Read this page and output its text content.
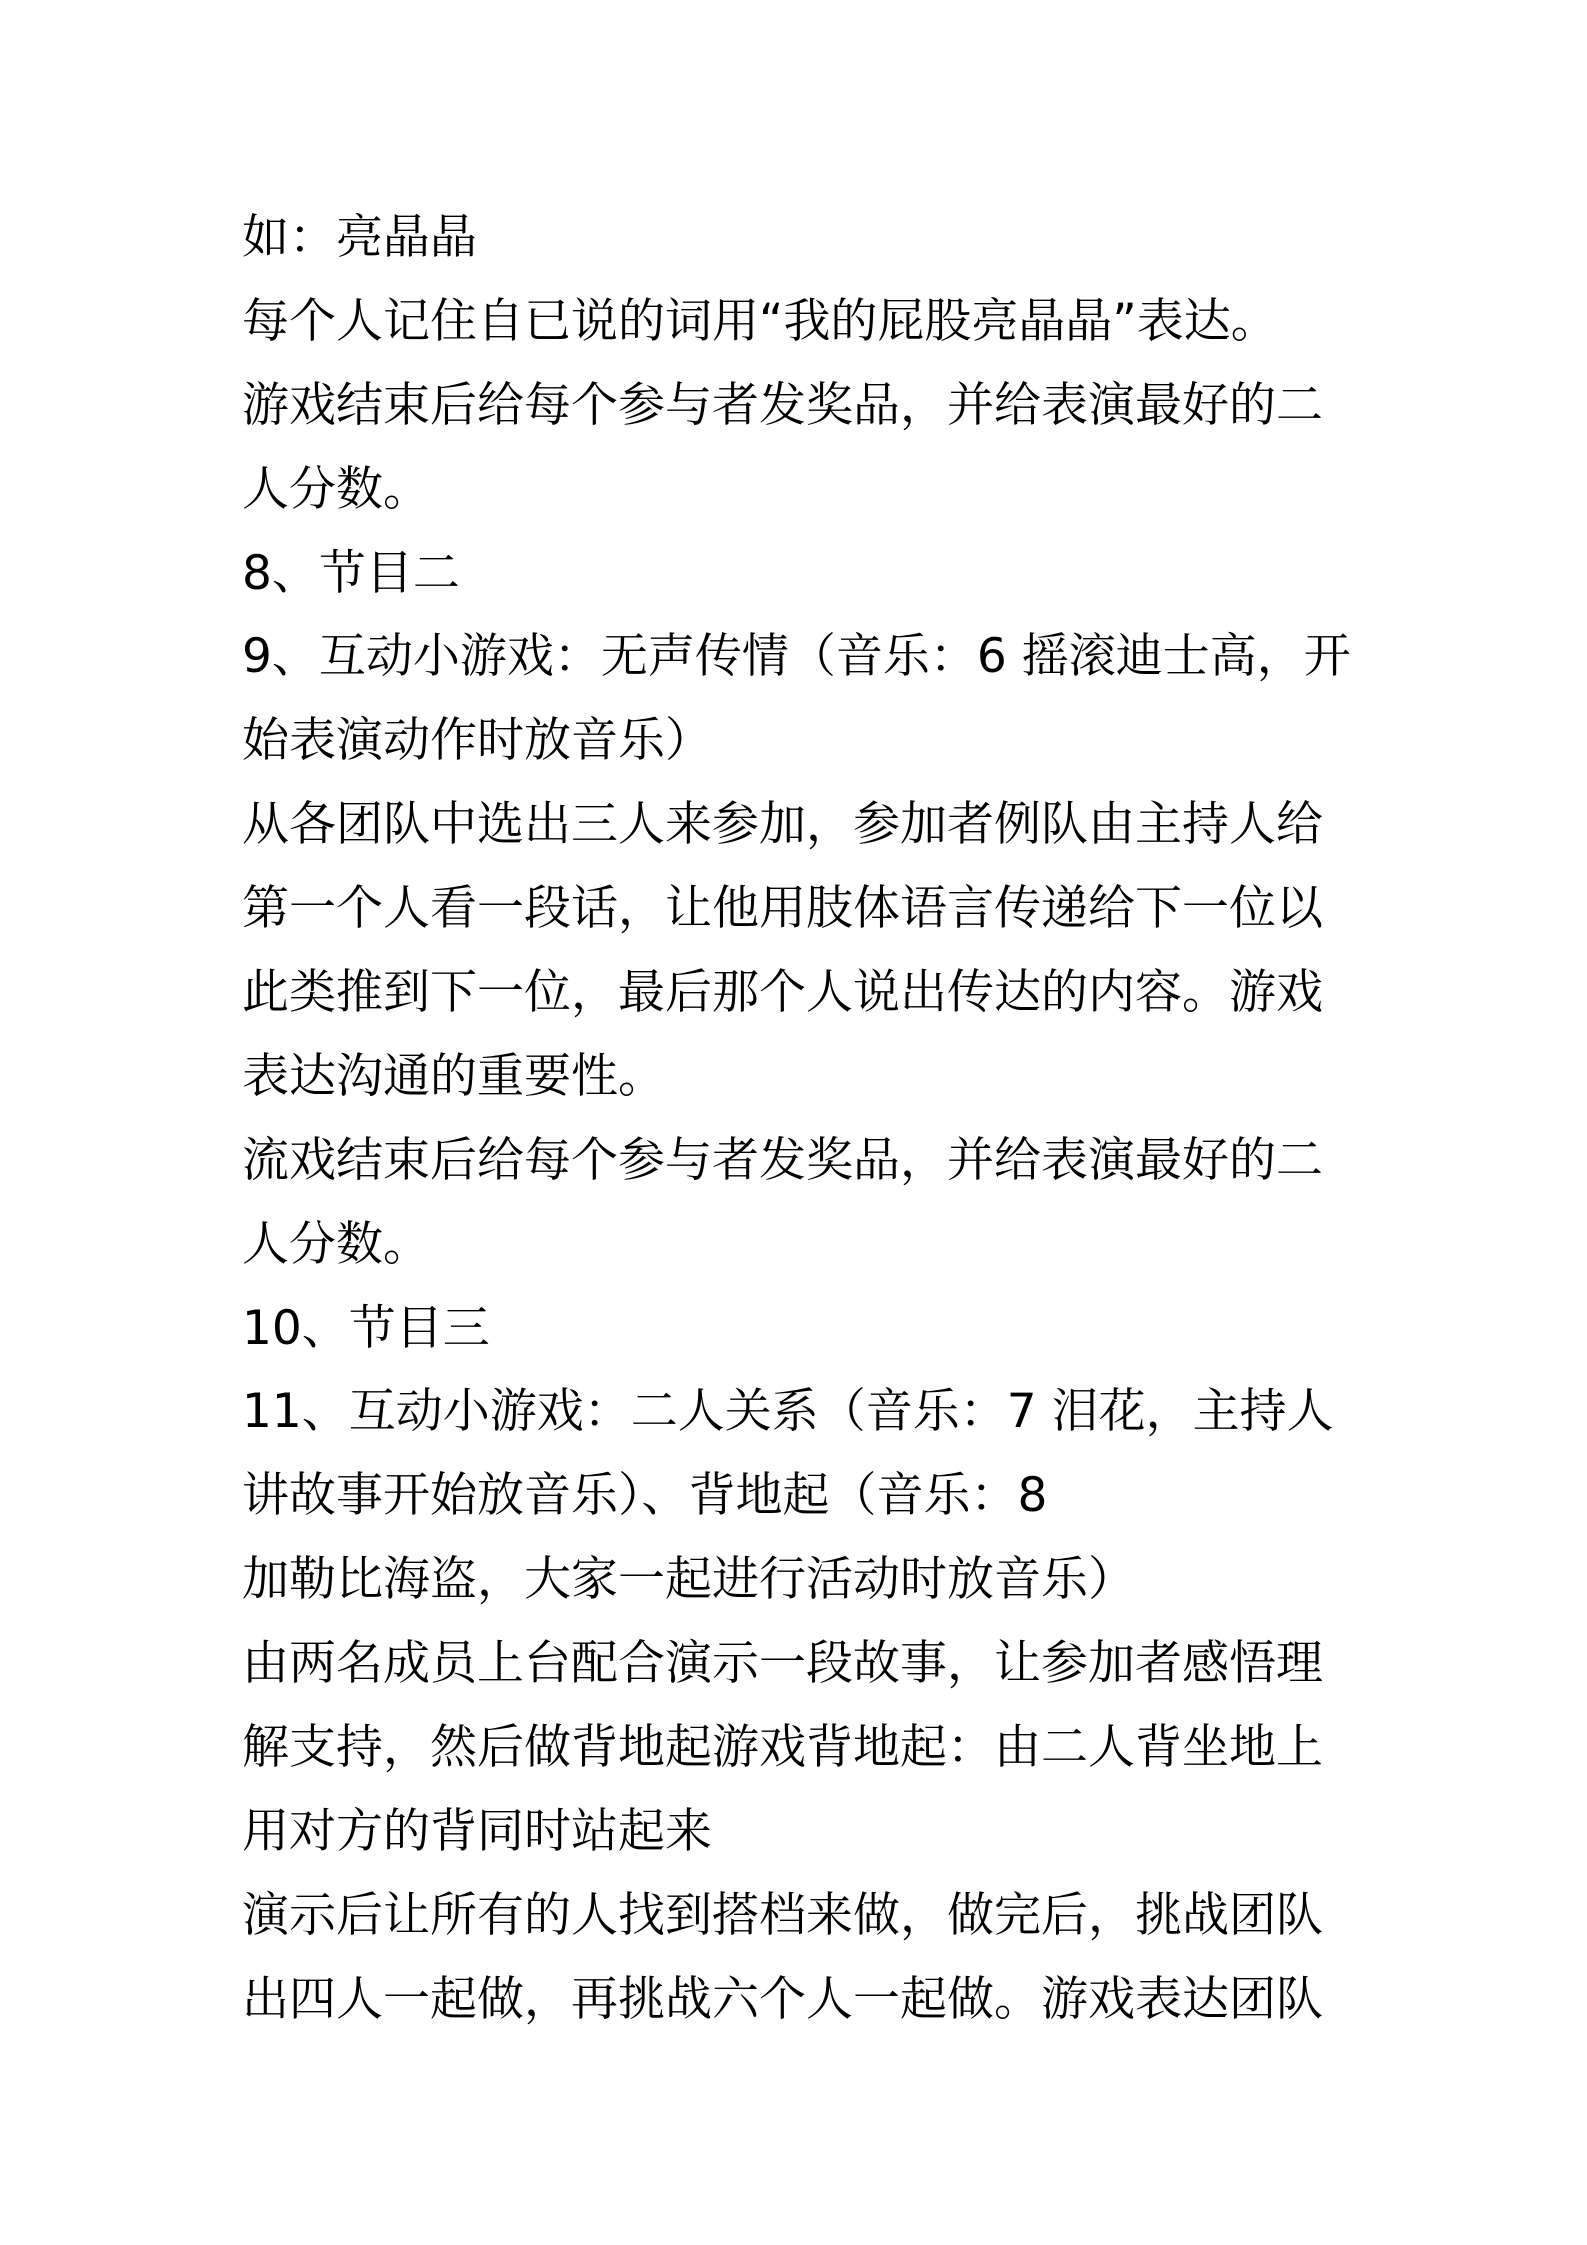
如：亮晶晶
每个人记住自已说的词用“我的屁股亮晶晶”表达。
游戏结束后给每个参与者发奖品，并给表演最好的二
人分数。
8、节目二
9、互动小游戏：无声传情（音乐：6 摇滚迪士高，开
始表演动作时放音乐）
从各团队中选出三人来参加，参加者例队由主持人给
第一个人看一段话，让他用肢体语言传递给下一位以
此类推到下一位，最后那个人说出传达的内容。游戏
表达沟通的重要性。
流戏结束后给每个参与者发奖品，并给表演最好的二
人分数。
10、节目三
11、互动小游戏：二人关系（音乐：7 泪花，主持人
讲故事开始放音乐）、背地起（音乐：8
加勒比海盗，大家一起进行活动时放音乐）
由两名成员上台配合演示一段故事，让参加者感悟理
解支持，然后做背地起游戏背地起：由二人背坐地上
用对方的背同时站起来
演示后让所有的人找到搭档来做，做完后，挑战团队
出四人一起做，再挑战六个人一起做。游戏表达团队
